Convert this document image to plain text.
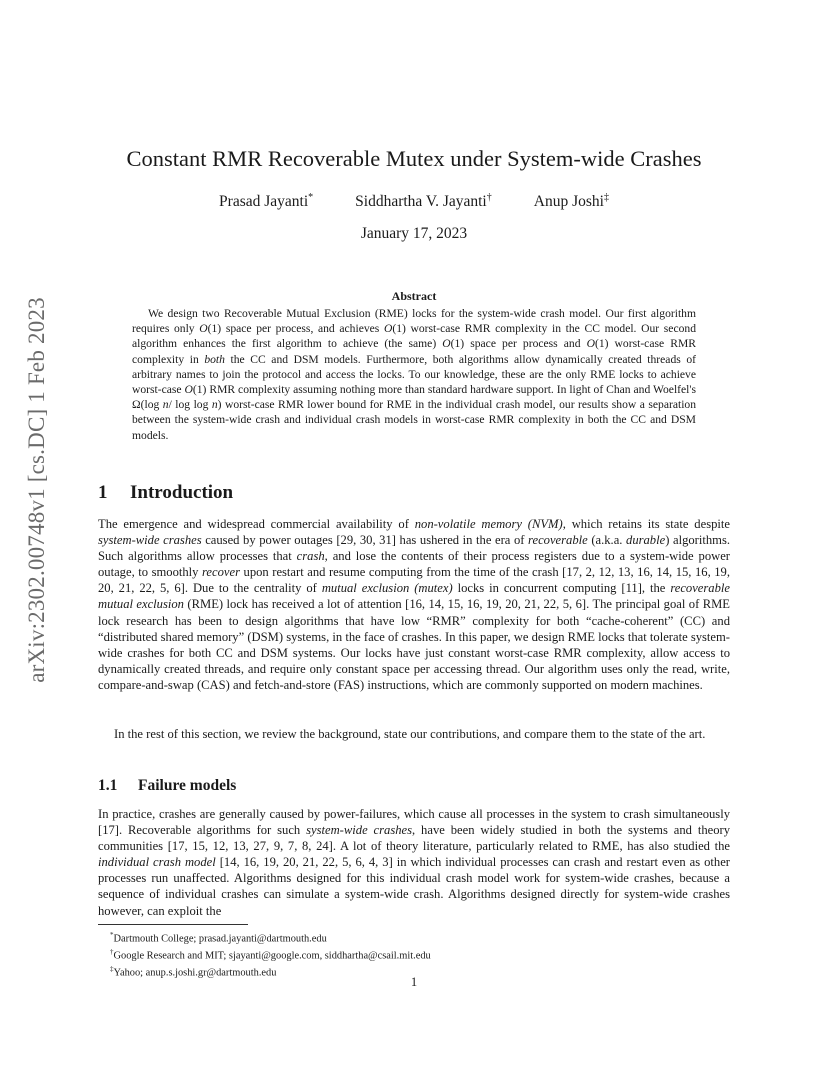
arXiv:2302.00748v1 [cs.DC] 1 Feb 2023
Constant RMR Recoverable Mutex under System-wide Crashes
Prasad Jayanti*	Siddhartha V. Jayanti†	Anup Joshi‡
January 17, 2023
Abstract

We design two Recoverable Mutual Exclusion (RME) locks for the system-wide crash model. Our first algorithm requires only O(1) space per process, and achieves O(1) worst-case RMR complexity in the CC model. Our second algorithm enhances the first algorithm to achieve (the same) O(1) space per process and O(1) worst-case RMR complexity in both the CC and DSM models. Furthermore, both algorithms allow dynamically created threads of arbitrary names to join the protocol and access the locks. To our knowledge, these are the only RME locks to achieve worst-case O(1) RMR complexity assuming nothing more than standard hardware support. In light of Chan and Woelfel's Ω(log n/ log log n) worst-case RMR lower bound for RME in the individual crash model, our results show a separation between the system-wide crash and individual crash models in worst-case RMR complexity in both the CC and DSM models.

1 Introduction

The emergence and widespread commercial availability of non-volatile memory (NVM), which retains its state despite system-wide crashes caused by power outages [29, 30, 31] has ushered in the era of recoverable (a.k.a. durable) algorithms. Such algorithms allow processes that crash, and lose the contents of their process registers due to a system-wide power outage, to smoothly recover upon restart and resume computing from the time of the crash [17, 2, 12, 13, 16, 14, 15, 16, 19, 20, 21, 22, 5, 6]. Due to the centrality of mutual exclusion (mutex) locks in concurrent computing [11], the recoverable mutual exclusion (RME) lock has received a lot of attention [16, 14, 15, 16, 19, 20, 21, 22, 5, 6]. The principal goal of RME lock research has been to design algorithms that have low “RMR” complexity for both “cache-coherent” (CC) and “distributed shared memory” (DSM) systems, in the face of crashes. In this paper, we design RME locks that tolerate system-wide crashes for both CC and DSM systems. Our locks have just constant worst-case RMR complexity, allow access to dynamically created threads, and require only constant space per accessing thread. Our algorithm uses only the read, write, compare-and-swap (CAS) and fetch-and-store (FAS) instructions, which are commonly supported on modern machines.

In the rest of this section, we review the background, state our contributions, and compare them to the state of the art.

1.1 Failure models

In practice, crashes are generally caused by power-failures, which cause all processes in the system to crash simultaneously [17]. Recoverable algorithms for such system-wide crashes, have been widely studied in both the systems and theory communities [17, 15, 12, 13, 27, 9, 7, 8, 24]. A lot of theory literature, particularly related to RME, has also studied the individual crash model [14, 16, 19, 20, 21, 22, 5, 6, 4, 3] in which individual processes can crash and restart even as other processes run unaffected. Algorithms designed for this individual crash model work for system-wide crashes, because a sequence of individual crashes can simulate a system-wide crash. Algorithms designed directly for system-wide crashes however, can exploit the

*Dartmouth College; prasad.jayanti@dartmouth.edu
†Google Research and MIT; sjayanti@google.com, siddhartha@csail.mit.edu
‡Yahoo; anup.s.joshi.gr@dartmouth.edu
1
